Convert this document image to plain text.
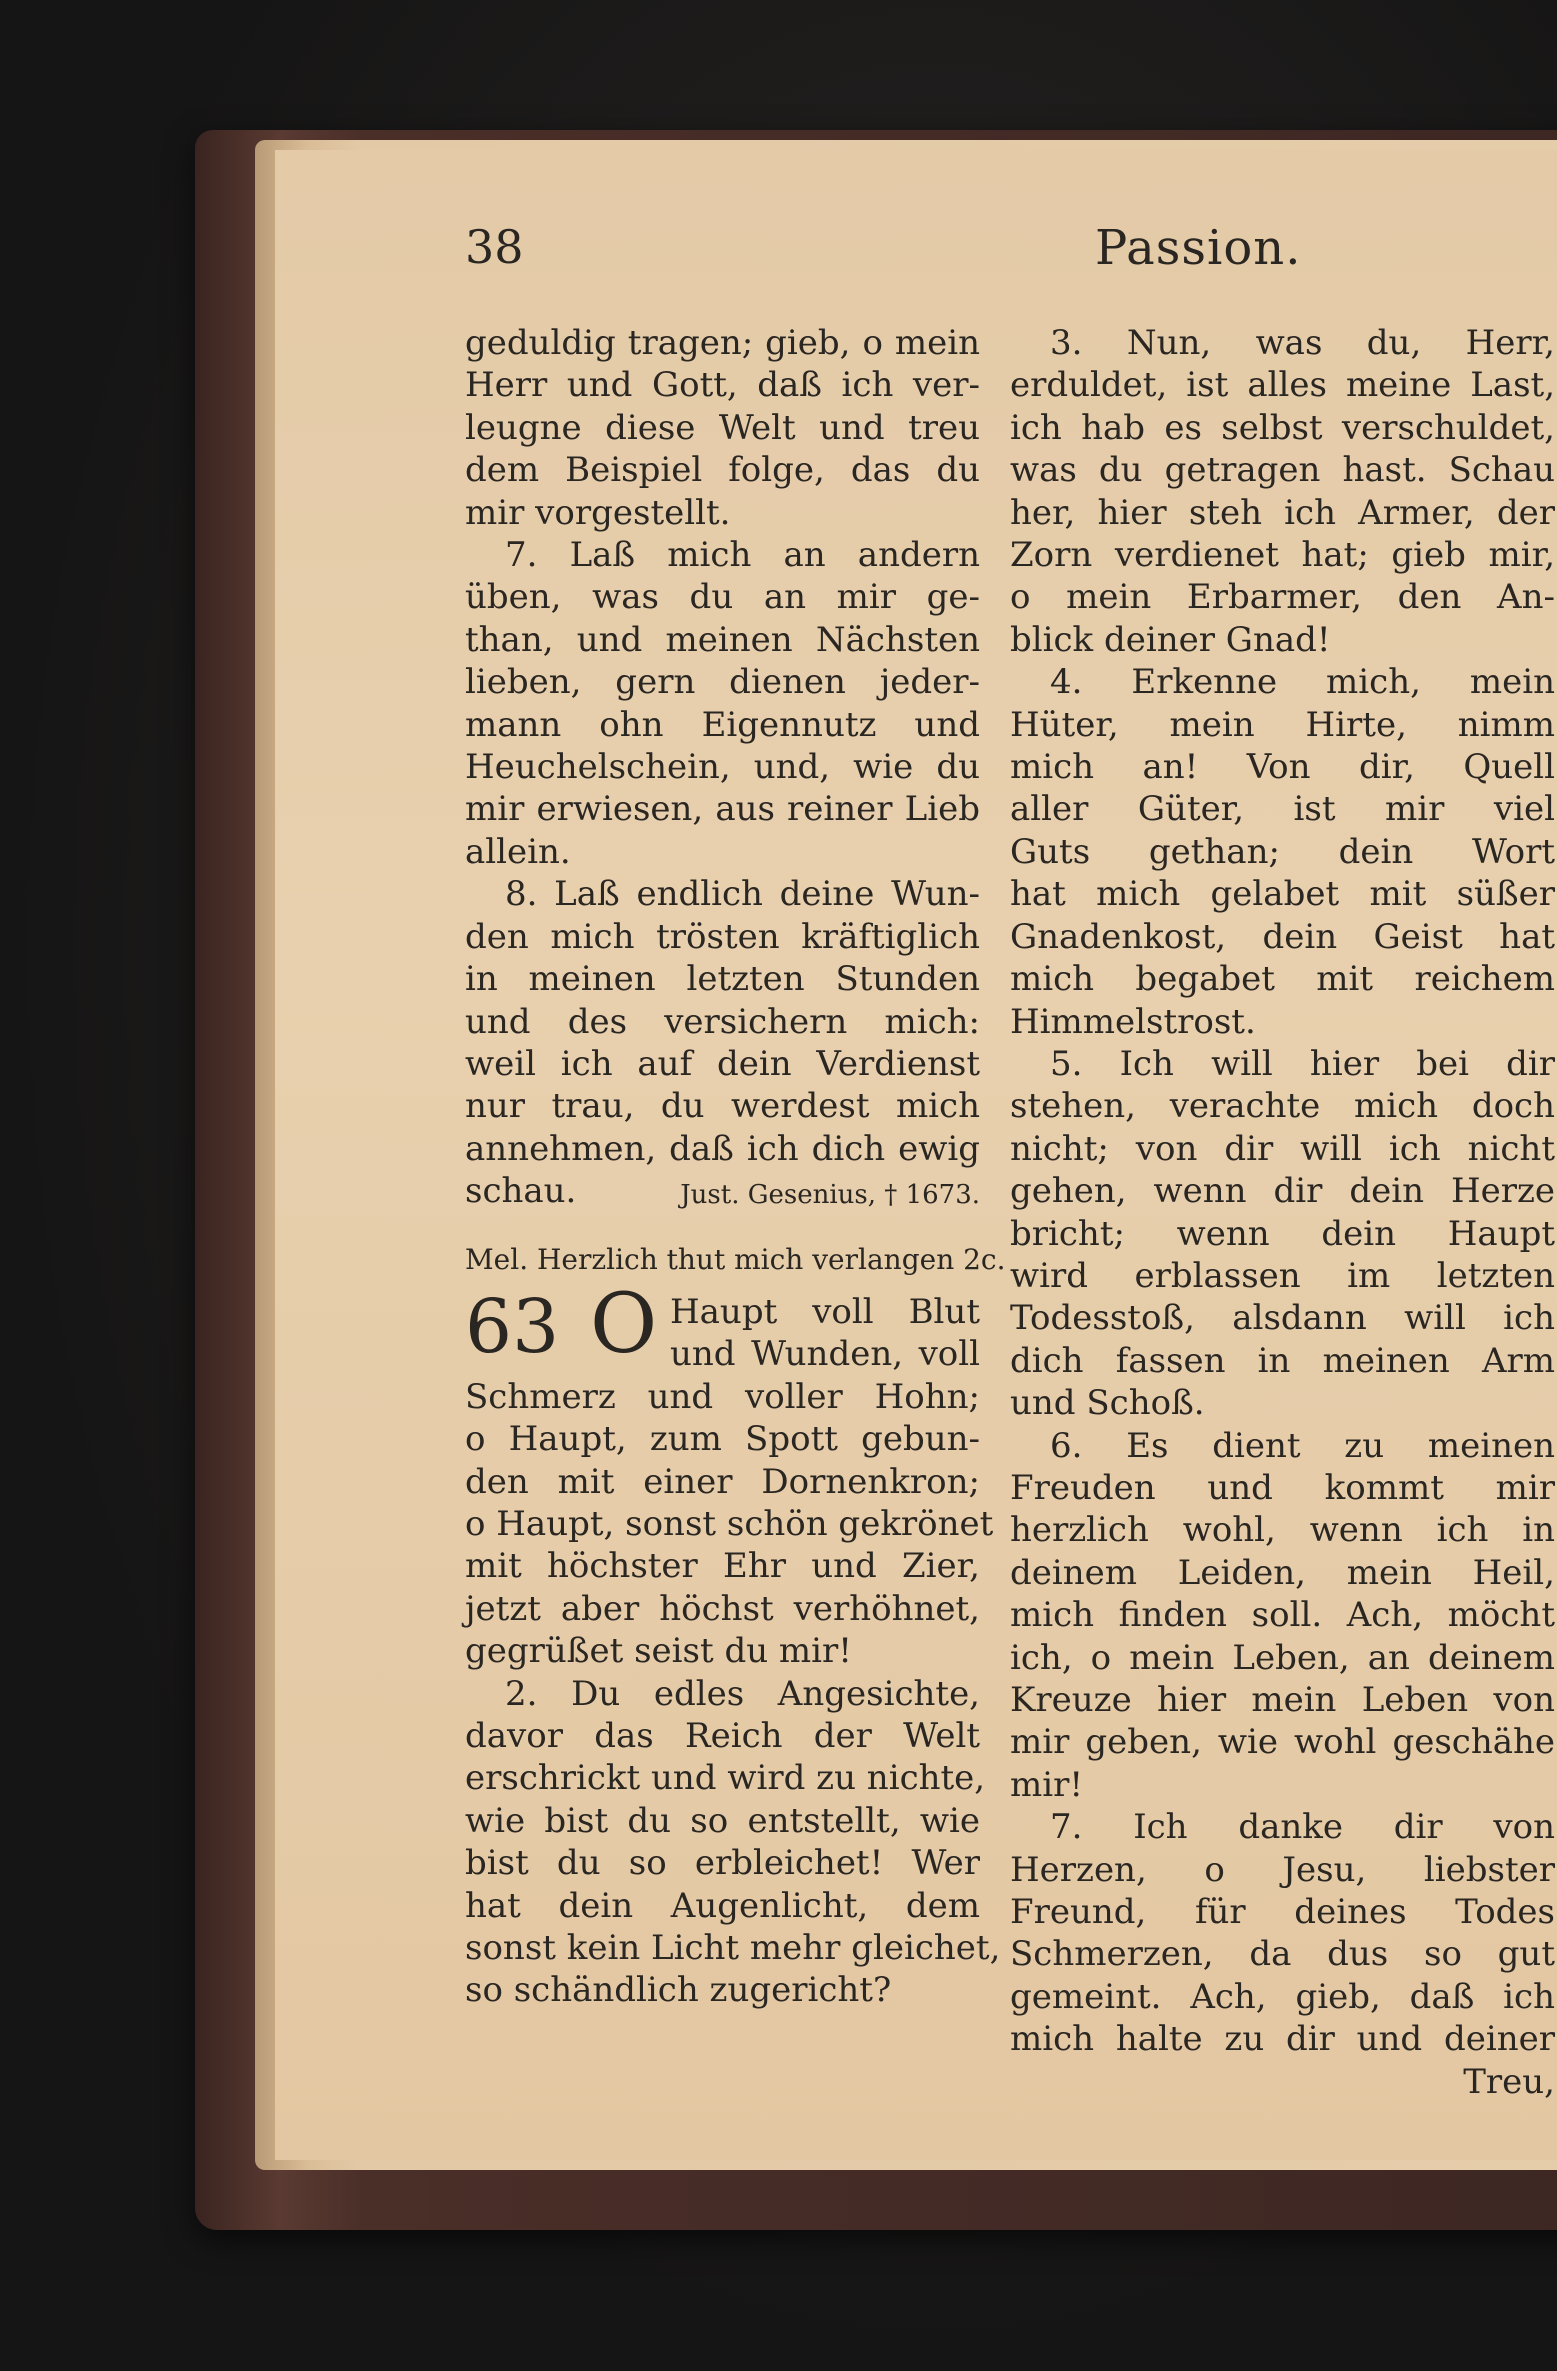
38	Passion.
geduldig tragen; gieb, o mein
Herr und Gott, daß ich ver-
leugne diese Welt und treu
dem Beispiel folge, das du
mir vorgestellt.
7. Laß mich an andern
üben, was du an mir ge-
than, und meinen Nächsten
lieben, gern dienen jeder-
mann ohn Eigennutz und
Heuchelschein, und, wie du
mir erwiesen, aus reiner Lieb
allein.
8. Laß endlich deine Wun-
den mich trösten kräftiglich
in meinen letzten Stunden
und des versichern mich:
weil ich auf dein Verdienst
nur trau, du werdest mich
annehmen, daß ich dich ewig
schau.	Just. Gesenius, † 1673.
Mel. Herzlich thut mich verlangen 2c.
63 O Haupt voll Blut
und Wunden, voll
Schmerz und voller Hohn;
o Haupt, zum Spott gebun-
den mit einer Dornenkron;
o Haupt, sonst schön gekrönet
mit höchster Ehr und Zier,
jetzt aber höchst verhöhnet,
gegrüßet seist du mir!
2. Du edles Angesichte,
davor das Reich der Welt
erschrickt und wird zu nichte,
wie bist du so entstellt, wie
bist du so erbleichet! Wer
hat dein Augenlicht, dem
sonst kein Licht mehr gleichet,
so schändlich zugericht?
3. Nun, was du, Herr,
erduldet, ist alles meine Last,
ich hab es selbst verschuldet,
was du getragen hast. Schau
her, hier steh ich Armer, der
Zorn verdienet hat; gieb mir,
o mein Erbarmer, den An-
blick deiner Gnad!
4. Erkenne mich, mein
Hüter, mein Hirte, nimm
mich an! Von dir, Quell
aller Güter, ist mir viel
Guts gethan; dein Wort
hat mich gelabet mit süßer
Gnadenkost, dein Geist hat
mich begabet mit reichem
Himmelstrost.
5. Ich will hier bei dir
stehen, verachte mich doch
nicht; von dir will ich nicht
gehen, wenn dir dein Herze
bricht; wenn dein Haupt
wird erblassen im letzten
Todesstoß, alsdann will ich
dich fassen in meinen Arm
und Schoß.
6. Es dient zu meinen
Freuden und kommt mir
herzlich wohl, wenn ich in
deinem Leiden, mein Heil,
mich finden soll. Ach, möcht
ich, o mein Leben, an deinem
Kreuze hier mein Leben von
mir geben, wie wohl geschähe
mir!
7. Ich danke dir von
Herzen, o Jesu, liebster
Freund, für deines Todes
Schmerzen, da dus so gut
gemeint. Ach, gieb, daß ich
mich halte zu dir und deiner
Treu,
